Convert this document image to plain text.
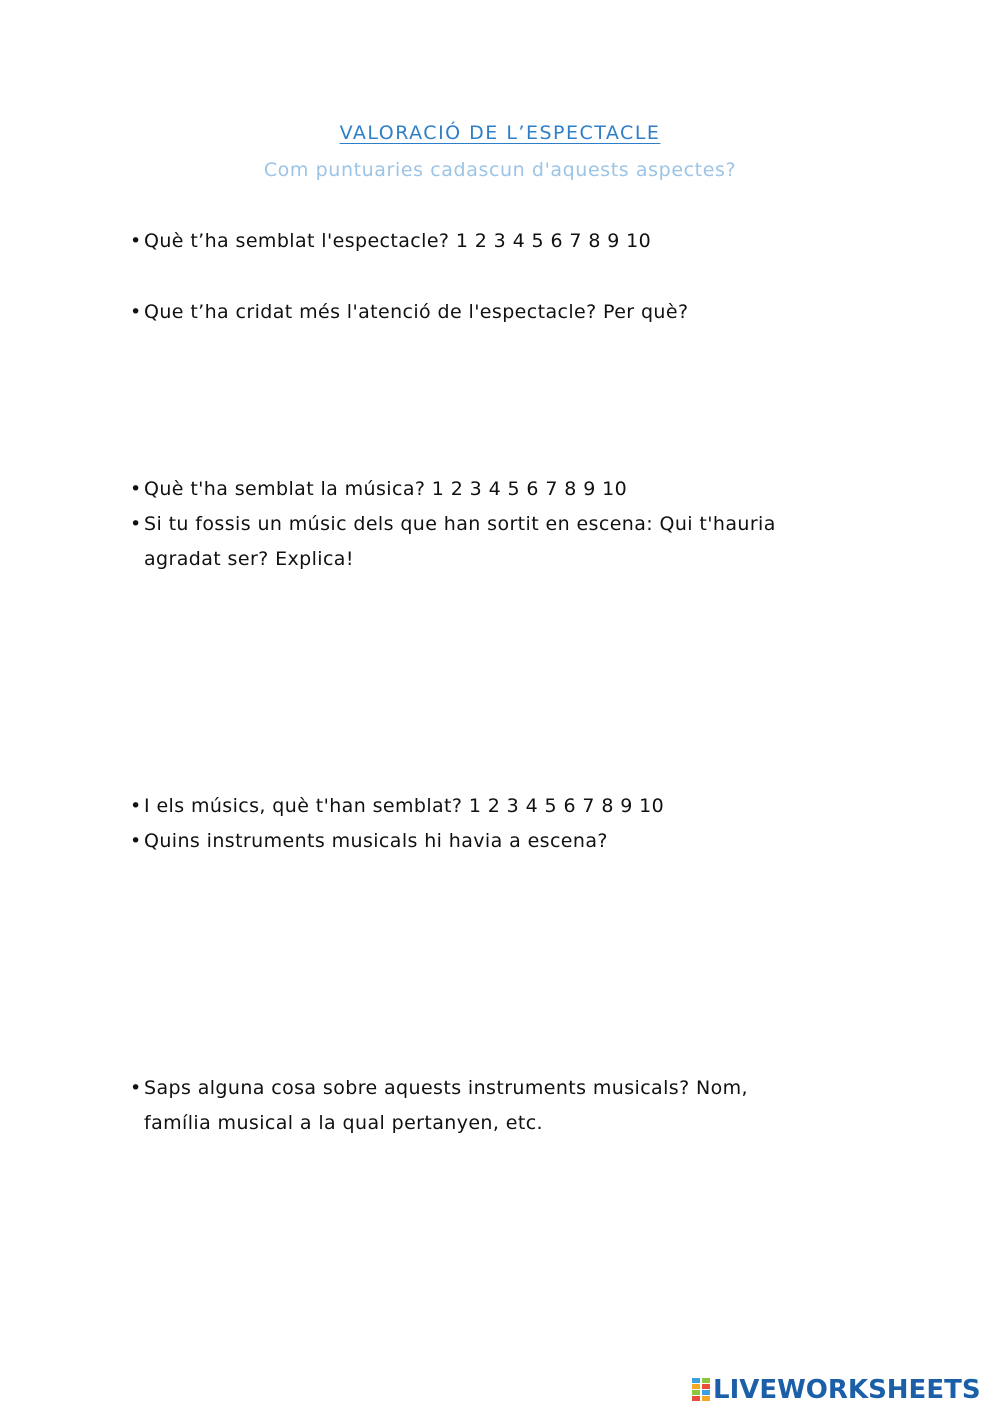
VALORACIÓ DE L’ESPECTACLE
Com puntuaries cadascun d'aquests aspectes?
• Què t’ha semblat l'espectacle? 1 2 3 4 5 6 7 8 9 10
• Que t’ha cridat més l'atenció de l'espectacle? Per què?
• Què t'ha semblat la música? 1 2 3 4 5 6 7 8 9 10
• Si tu fossis un músic dels que han sortit en escena: Qui t'hauria agradat ser? Explica!
• I els músics, què t'han semblat? 1 2 3 4 5 6 7 8 9 10
• Quins instruments musicals hi havia a escena?
• Saps alguna cosa sobre aquests instruments musicals? Nom, família musical a la qual pertanyen, etc.
LIVEWORKSHEETS
